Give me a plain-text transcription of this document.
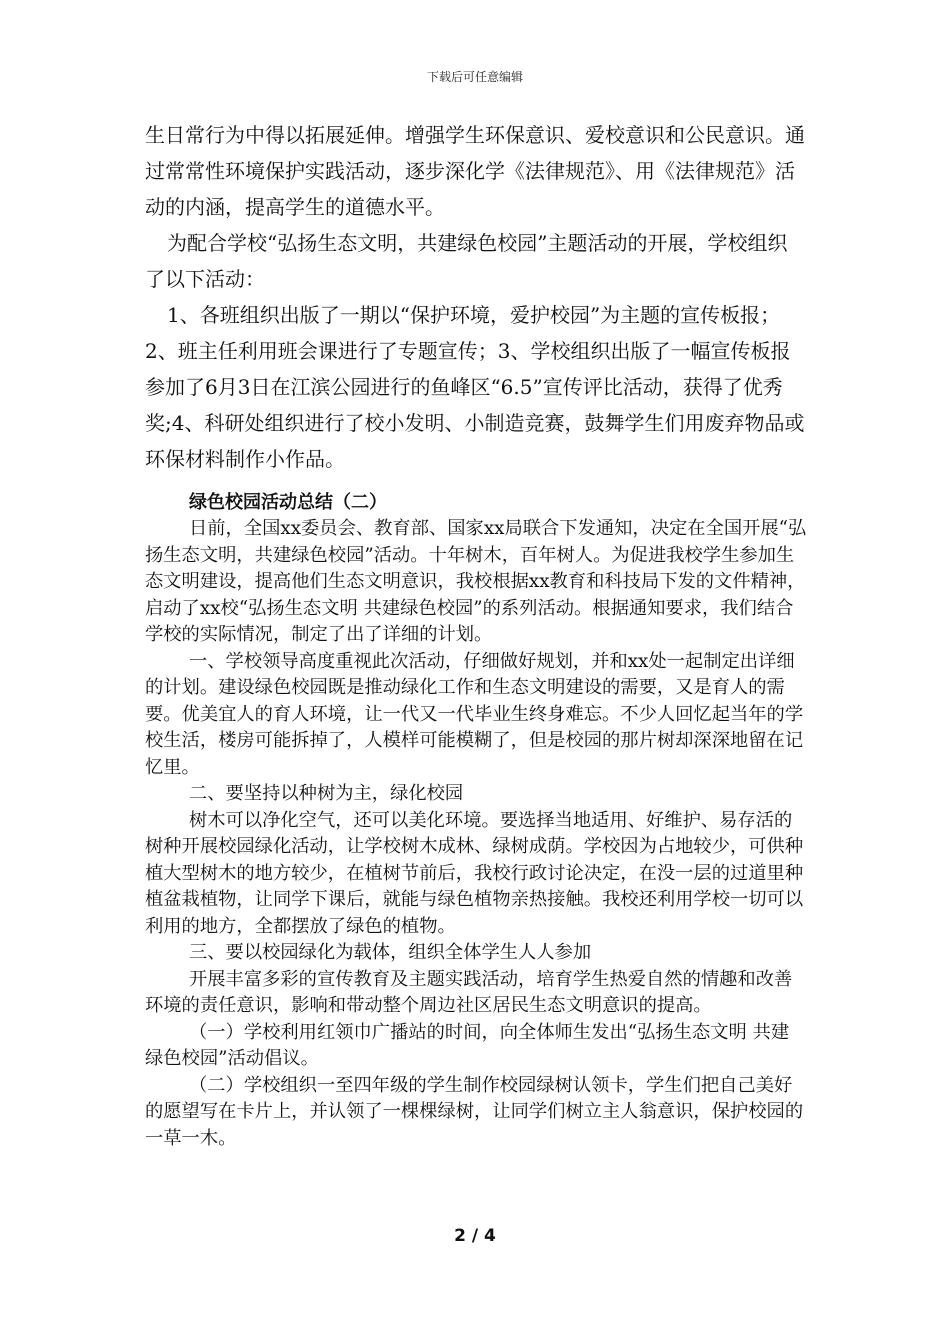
下载后可任意编辑

生日常行为中得以拓展延伸。增强学生环保意识、爱校意识和公民意识。通过常常性环境保护实践活动，逐步深化学《法律规范》、用《法律规范》活动的内涵，提高学生的道德水平。

为配合学校“弘扬生态文明，共建绿色校园”主题活动的开展，学校组织了以下活动：

1、各班组织出版了一期以“保护环境，爱护校园”为主题的宣传板报；2、班主任利用班会课进行了专题宣传；3、学校组织出版了一幅宣传板报参加了6月3日在江滨公园进行的鱼峰区“6.5”宣传评比活动，获得了优秀奖;4、科研处组织进行了校小发明、小制造竞赛，鼓舞学生们用废弃物品或环保材料制作小作品。

绿色校园活动总结（二）

日前，全国xx委员会、教育部、国家xx局联合下发通知，决定在全国开展“弘扬生态文明，共建绿色校园”活动。十年树木，百年树人。为促进我校学生参加生态文明建设，提高他们生态文明意识，我校根据xx教育和科技局下发的文件精神，启动了xx校“弘扬生态文明 共建绿色校园”的系列活动。根据通知要求，我们结合学校的实际情况，制定了出了详细的计划。

一、学校领导高度重视此次活动，仔细做好规划，并和xx处一起制定出详细的计划。建设绿色校园既是推动绿化工作和生态文明建设的需要，又是育人的需要。优美宜人的育人环境，让一代又一代毕业生终身难忘。不少人回忆起当年的学校生活，楼房可能拆掉了，人模样可能模糊了，但是校园的那片树却深深地留在记忆里。

二、要坚持以种树为主，绿化校园

树木可以净化空气，还可以美化环境。要选择当地适用、好维护、易存活的树种开展校园绿化活动，让学校树木成林、绿树成荫。学校因为占地较少，可供种植大型树木的地方较少，在植树节前后，我校行政讨论决定，在没一层的过道里种植盆栽植物，让同学下课后，就能与绿色植物亲热接触。我校还利用学校一切可以利用的地方，全都摆放了绿色的植物。

三、要以校园绿化为载体，组织全体学生人人参加

开展丰富多彩的宣传教育及主题实践活动，培育学生热爱自然的情趣和改善环境的责任意识，影响和带动整个周边社区居民生态文明意识的提高。

（一）学校利用红领巾广播站的时间，向全体师生发出“弘扬生态文明 共建绿色校园”活动倡议。

（二）学校组织一至四年级的学生制作校园绿树认领卡，学生们把自己美好的愿望写在卡片上，并认领了一棵棵绿树，让同学们树立主人翁意识，保护校园的一草一木。

2 / 4
